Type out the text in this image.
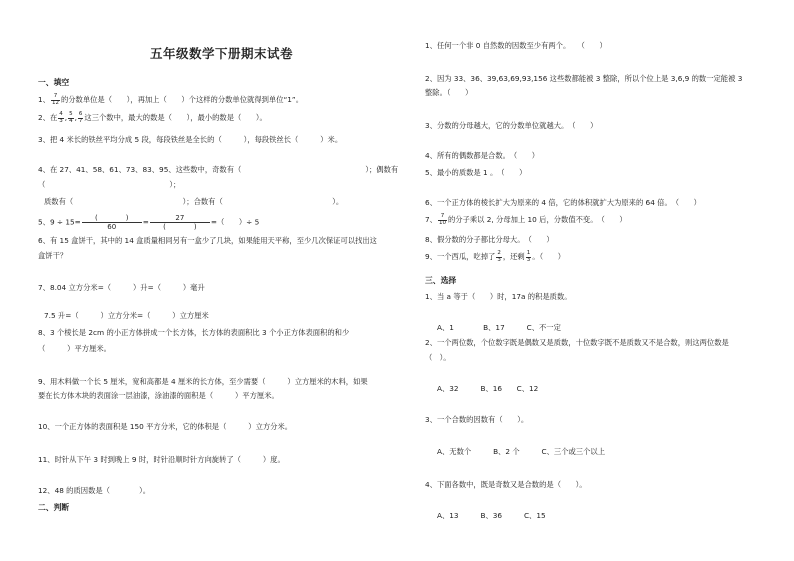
五年级数学下册期末试卷
一、填空
1、 $\frac{7}{12}$ 的分数单位是（　　），再加上（　　）个这样的分数单位就得到单位“1”。
2、在 $\frac{4}{3}$ , $\frac{5}{4}$ , $\frac{6}{7}$ 这三个数中，最大的数是（　　），最小的数是（　　）。
3、把 4 米长的铁丝平均分成 5 段，每段铁丝是全长的（　　　），每段铁丝长（　　　）米。
4、在 27、41、58、61、73、83、95、这些数中，奇数有（　　　　　　　　　　　　　　　　　）；偶数有
（　　　　　　　　　　　　　　　　　）；
质数有（　　　　　　　　　　　　　　　）；合数有（　　　　　　　　　　　　　　　）。
5、$9 \div 15= \frac{( )}{60} = \frac{27}{( )}$ =（　　）÷ 5
6、有 15 盒饼干，其中的 14 盒质量相同另有一盒少了几块，如果能用天平称，至少几次保证可以找出这
盒饼干？
7、8.04 立方分米=（　　　）升=（　　　）毫升
7.5 升=（　　　）立方分米=（　　　）立方厘米
8、3 个棱长是 2cm 的小正方体拼成一个长方体，长方体的表面积比 3 个小正方体表面积的和少
（　　　）平方厘米。
9、用木料做一个长 5 厘米，宽和高都是 4 厘米的长方体，至少需要（　　　）立方厘米的木料，如果
要在长方体木块的表面涂一层油漆，涂油漆的面积是（　　　）平方厘米。
10、一个正方体的表面积是 150 平方分米，它的体积是（　　　）立方分米。
11、时针从下午 3 时到晚上 9 时，时针沿顺时针方向旋转了（　　　）度。
12、48 的质因数是（　　　　）。
二、判断
1、任何一个非 0 自然数的因数至少有两个。　　（　　）
2、因为 33、36、39,63,69,93,156 这些数都能被 3 整除，所以个位上是 3,6,9 的数一定能被 3
整除。（　　）
3、分数的分母越大，它的分数单位就越大。　（　　）
4、所有的偶数都是合数。　（　　）
5、最小的质数是 1 。　（　　）
6、一个正方体的棱长扩大为原来的 4 倍，它的体积就扩大为原来的 64 倍。　（　　）
7、 $\frac{7}{10}$ 的分子乘以 2, 分母加上 10 后，分数值不变。　（　　）
8、假分数的分子都比分母大。　（　　）
9、一个西瓜，吃掉了 $\frac{2}{3}$ ，还剩 $\frac{1}{3}$ 。（　　）
三、选择
1、当 a 等于（　　）时，17a 的积是质数。
A、1　　　　B、17　　　C、不一定
2、一个两位数，个位数字既是偶数又是质数，十位数字既不是质数又不是合数，则这两位数是
（　）。
A、32　　　B、16　　C、12
3、一个合数的因数有（　　）。
A、无数个　　　B、2 个　　　C、三个或三个以上
4、下面各数中，既是奇数又是合数的是（　　）。
A、13　　　B、36　　　C、15
